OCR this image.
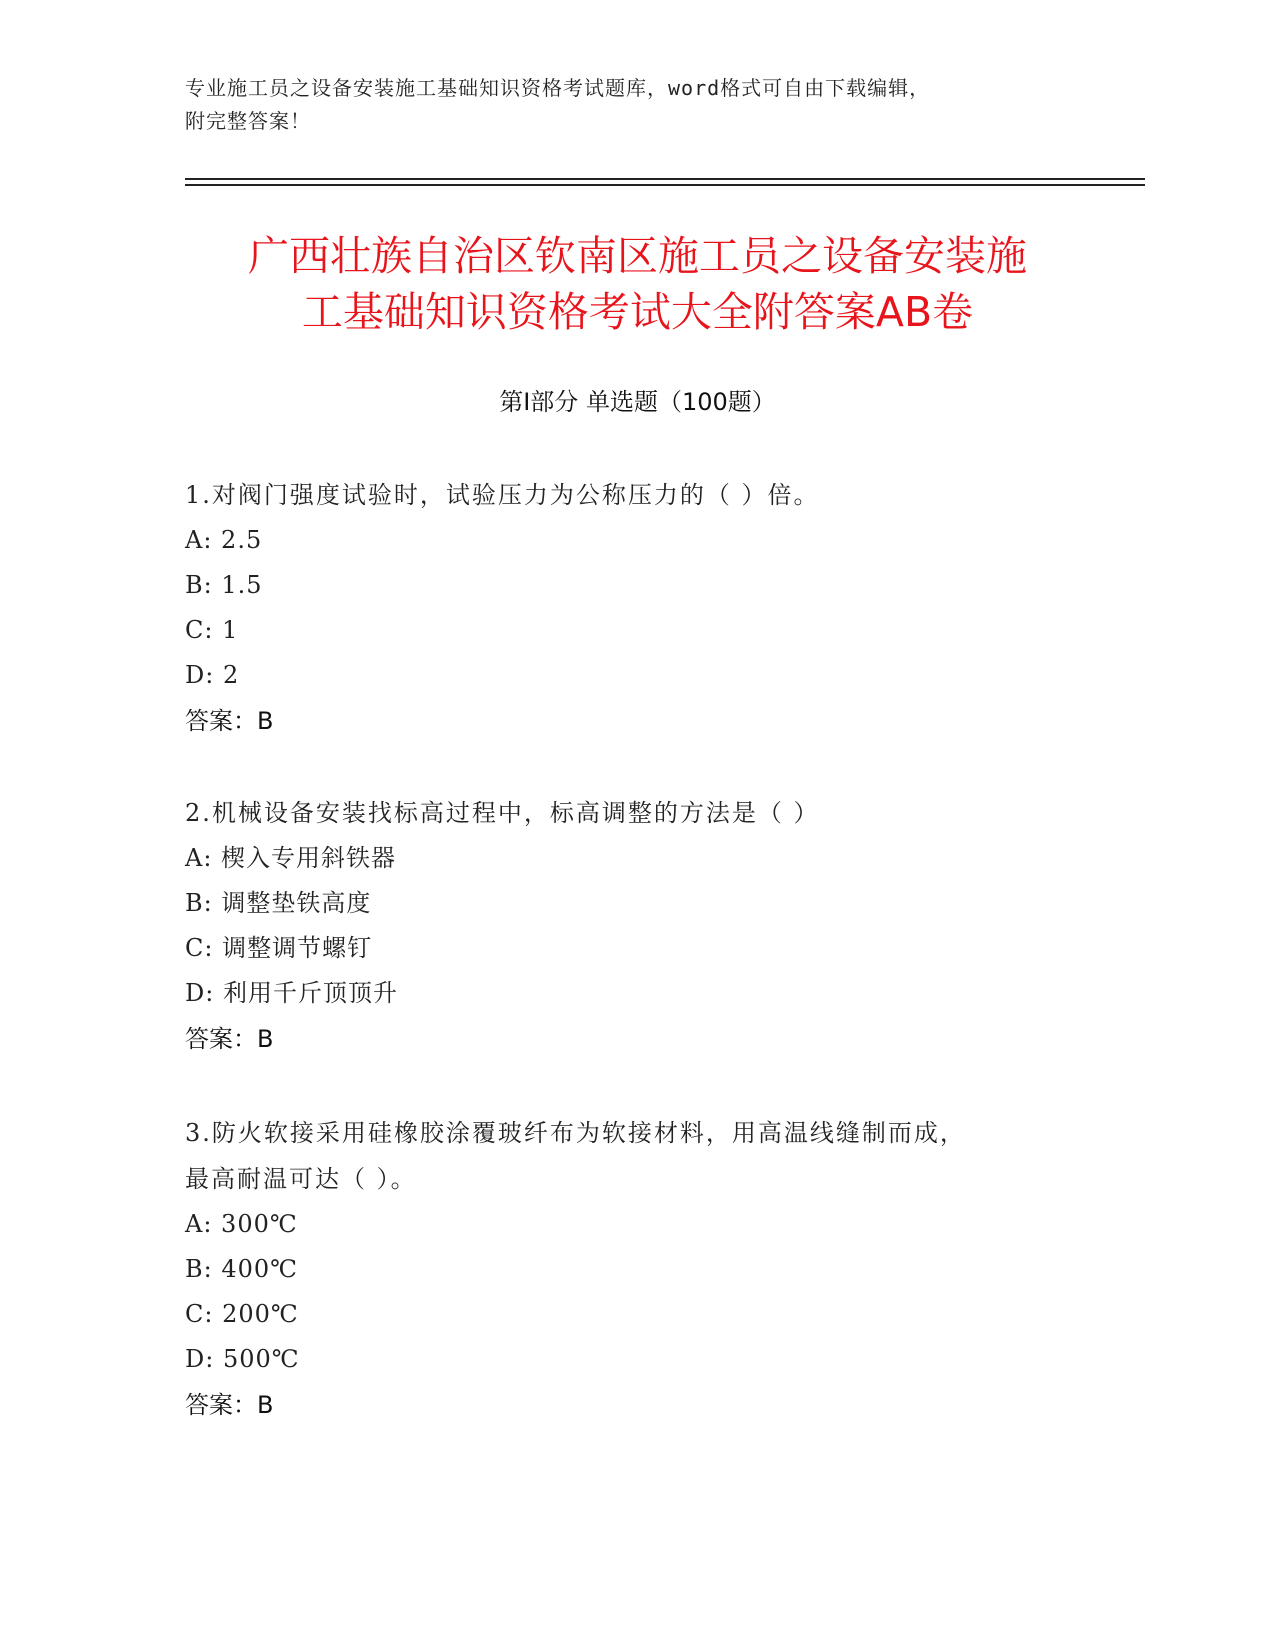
专业施工员之设备安装施工基础知识资格考试题库，word格式可自由下载编辑，
附完整答案！
广西壮族自治区钦南区施工员之设备安装施
工基础知识资格考试大全附答案AB卷
第I部分 单选题（100题）

1.对阀门强度试验时，试验压力为公称压力的（ ）倍。

A: 2.5

B: 1.5

C: 1

D: 2

答案：B

2.机械设备安装找标高过程中，标高调整的方法是（ ）

A: 楔入专用斜铁器

B: 调整垫铁高度

C: 调整调节螺钉

D: 利用千斤顶顶升

答案：B

3.防火软接采用硅橡胶涂覆玻纤布为软接材料，用高温线缝制而成，

最高耐温可达（ ）。

A: 300℃

B: 400℃

C: 200℃

D: 500℃

答案：B
